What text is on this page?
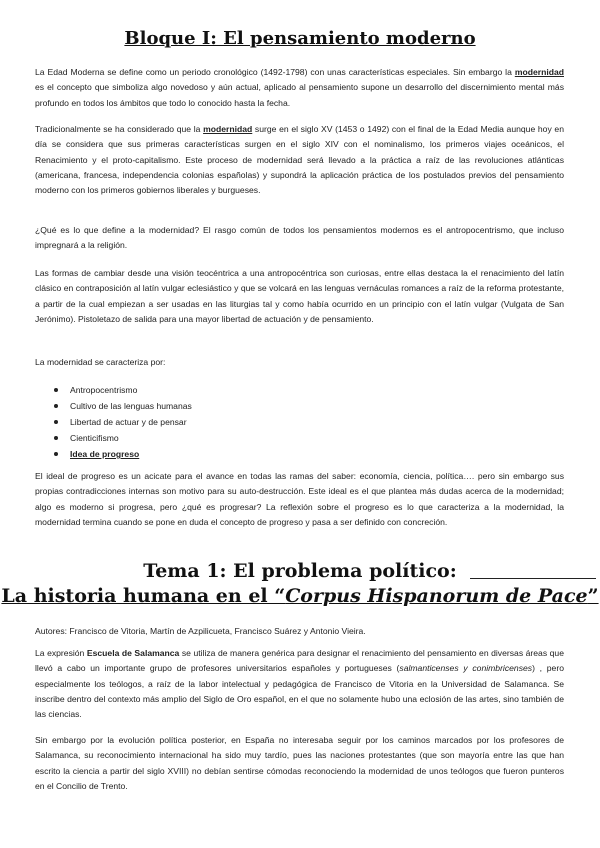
Bloque I: El pensamiento moderno

La Edad Moderna se define como un periodo cronológico (1492-1798) con unas características especiales. Sin embargo la modernidad es el concepto que simboliza algo novedoso y aún actual, aplicado al pensamiento supone un desarrollo del discernimiento mental más profundo en todos los ámbitos que todo lo conocido hasta la fecha.

Tradicionalmente se ha considerado que la modernidad surge en el siglo XV (1453 o 1492) con el final de la Edad Media aunque hoy en día se considera que sus primeras características surgen en el siglo XIV con el nominalismo, los primeros viajes oceánicos, el Renacimiento y el proto-capitalismo. Este proceso de modernidad será llevado a la práctica a raíz de las revoluciones atlánticas (americana, francesa, independencia colonias españolas) y supondrá la aplicación práctica de los postulados previos del pensamiento moderno con los primeros gobiernos liberales y burgueses.

¿Qué es lo que define a la modernidad? El rasgo común de todos los pensamientos modernos es el antropocentrismo, que incluso impregnará a la religión.

Las formas de cambiar desde una visión teocéntrica a una antropocéntrica son curiosas, entre ellas destaca la el renacimiento del latín clásico en contraposición al latín vulgar eclesiástico y que se volcará en las lenguas vernáculas romances a raíz de la reforma protestante, a partir de la cual empiezan a ser usadas en las liturgias tal y como había ocurrido en un principio con el latín vulgar (Vulgata de San Jerónimo). Pistoletazo de salida para una mayor libertad de actuación y de pensamiento.

La modernidad se caracteriza por:

Antropocentrismo
Cultivo de las lenguas humanas
Libertad de actuar y de pensar
Cienticifismo
Idea de progreso

El ideal de progreso es un acicate para el avance en todas las ramas del saber: economía, ciencia, política…. pero sin embargo sus propias contradicciones internas son motivo para su auto-destrucción. Este ideal es el que plantea más dudas acerca de la modernidad; algo es moderno si progresa, pero ¿qué es progresar? La reflexión sobre el progreso es lo que caracteriza a la modernidad, la modernidad termina cuando se pone en duda el concepto de progreso y pasa a ser definido con concreción.

Tema 1: El problema político:
La historia humana en el “Corpus Hispanorum de Pace”

Autores: Francisco de Vitoria, Martín de Azpilicueta, Francisco Suárez y Antonio Vieira.

La expresión Escuela de Salamanca se utiliza de manera genérica para designar el renacimiento del pensamiento en diversas áreas que llevó a cabo un importante grupo de profesores universitarios españoles y portugueses (salmanticenses y conimbricenses) , pero especialmente los teólogos, a raíz de la labor intelectual y pedagógica de Francisco de Vitoria en la Universidad de Salamanca. Se inscribe dentro del contexto más amplio del Siglo de Oro español, en el que no solamente hubo una eclosión de las artes, sino también de las ciencias.

Sin embargo por la evolución política posterior, en España no interesaba seguir por los caminos marcados por los profesores de Salamanca, su reconocimiento internacional ha sido muy tardío, pues las naciones protestantes (que son mayoría entre las que han escrito la ciencia a partir del siglo XVIII) no debían sentirse cómodas reconociendo la modernidad de unos teólogos que fueron punteros en el Concilio de Trento.
